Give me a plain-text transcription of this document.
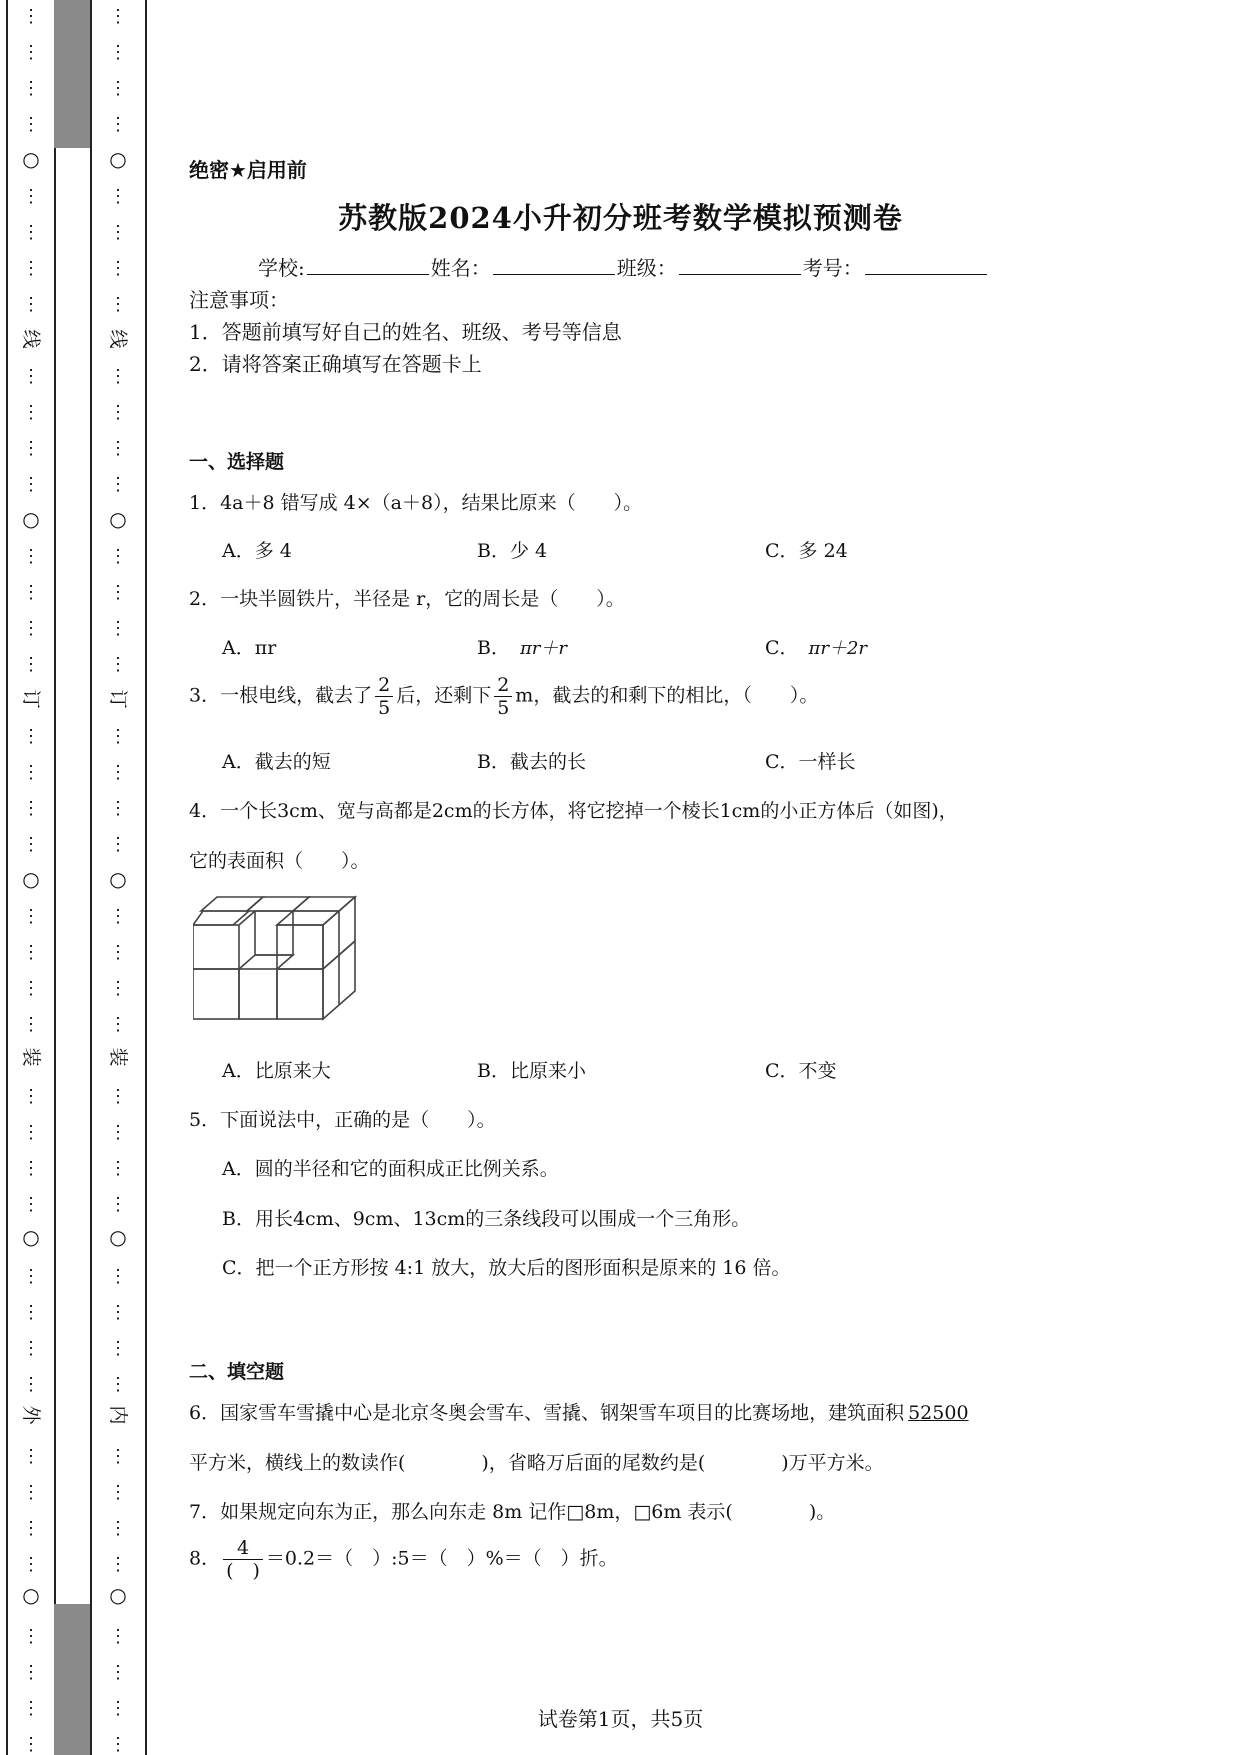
⋮
⋮
⋮
⋮
⋮
⋮
⋮
⋮
⋮
⋮
⋮
⋮
⋮
⋮
⋮
⋮
⋮
⋮
⋮
⋮
⋮
⋮
⋮
⋮
⋮
⋮
⋮
⋮
⋮
⋮
⋮
⋮
⋮
⋮
⋮
⋮
⋮
⋮
⋮
⋮
○
○
○
○
○
线
订
装
外
⋮
⋮
⋮
⋮
⋮
⋮
⋮
⋮
⋮
⋮
⋮
⋮
⋮
⋮
⋮
⋮
⋮
⋮
⋮
⋮
⋮
⋮
⋮
⋮
⋮
⋮
⋮
⋮
⋮
⋮
⋮
⋮
⋮
⋮
⋮
⋮
⋮
⋮
⋮
⋮
○
○
○
○
○
线
订
装
内
绝密★启用前
苏教版2024小升初分班考数学模拟预测卷
学校:	姓名：	班级：	考号：
注意事项：
1．答题前填写好自己的姓名、班级、考号等信息
2．请将答案正确填写在答题卡上
一、选择题
1．4a＋8 错写成 4×（a＋8），结果比原来（　　）。
A．多 4	B．少 4	C．多 24
2．一块半圆铁片，半径是 r，它的周长是（　　）。
A．πr	B． πr＋r	C． πr＋2r
3．一根电线，截去了 $\frac{2}{5}$ 后，还剩下 $\frac{2}{5}$ m，截去的和剩下的相比，（　　）。
A．截去的短	B．截去的长	C．一样长
4．一个长3cm、宽与高都是2cm的长方体，将它挖掉一个棱长1cm的小正方体后（如图)，
它的表面积（　　）。
A．比原来大	B．比原来小	C．不变
5．下面说法中，正确的是（　　）。
A．圆的半径和它的面积成正比例关系。
B．用长4cm、9cm、13cm的三条线段可以围成一个三角形。
C．把一个正方形按 4:1 放大，放大后的图形面积是原来的 16 倍。
二、填空题
6．国家雪车雪撬中心是北京冬奥会雪车、雪撬、钢架雪车项目的比赛场地，建筑面积 52500
平方米，横线上的数读作(　　　　)，省略万后面的尾数约是(　　　　)万平方米。
7．如果规定向东为正，那么向东走 8m 记作□8m，□6m 表示(　　　　)。
8． $\frac{4}{( )} =0.2=$（　）:5＝（　）%＝（　）折。
试卷第1页，共5页
